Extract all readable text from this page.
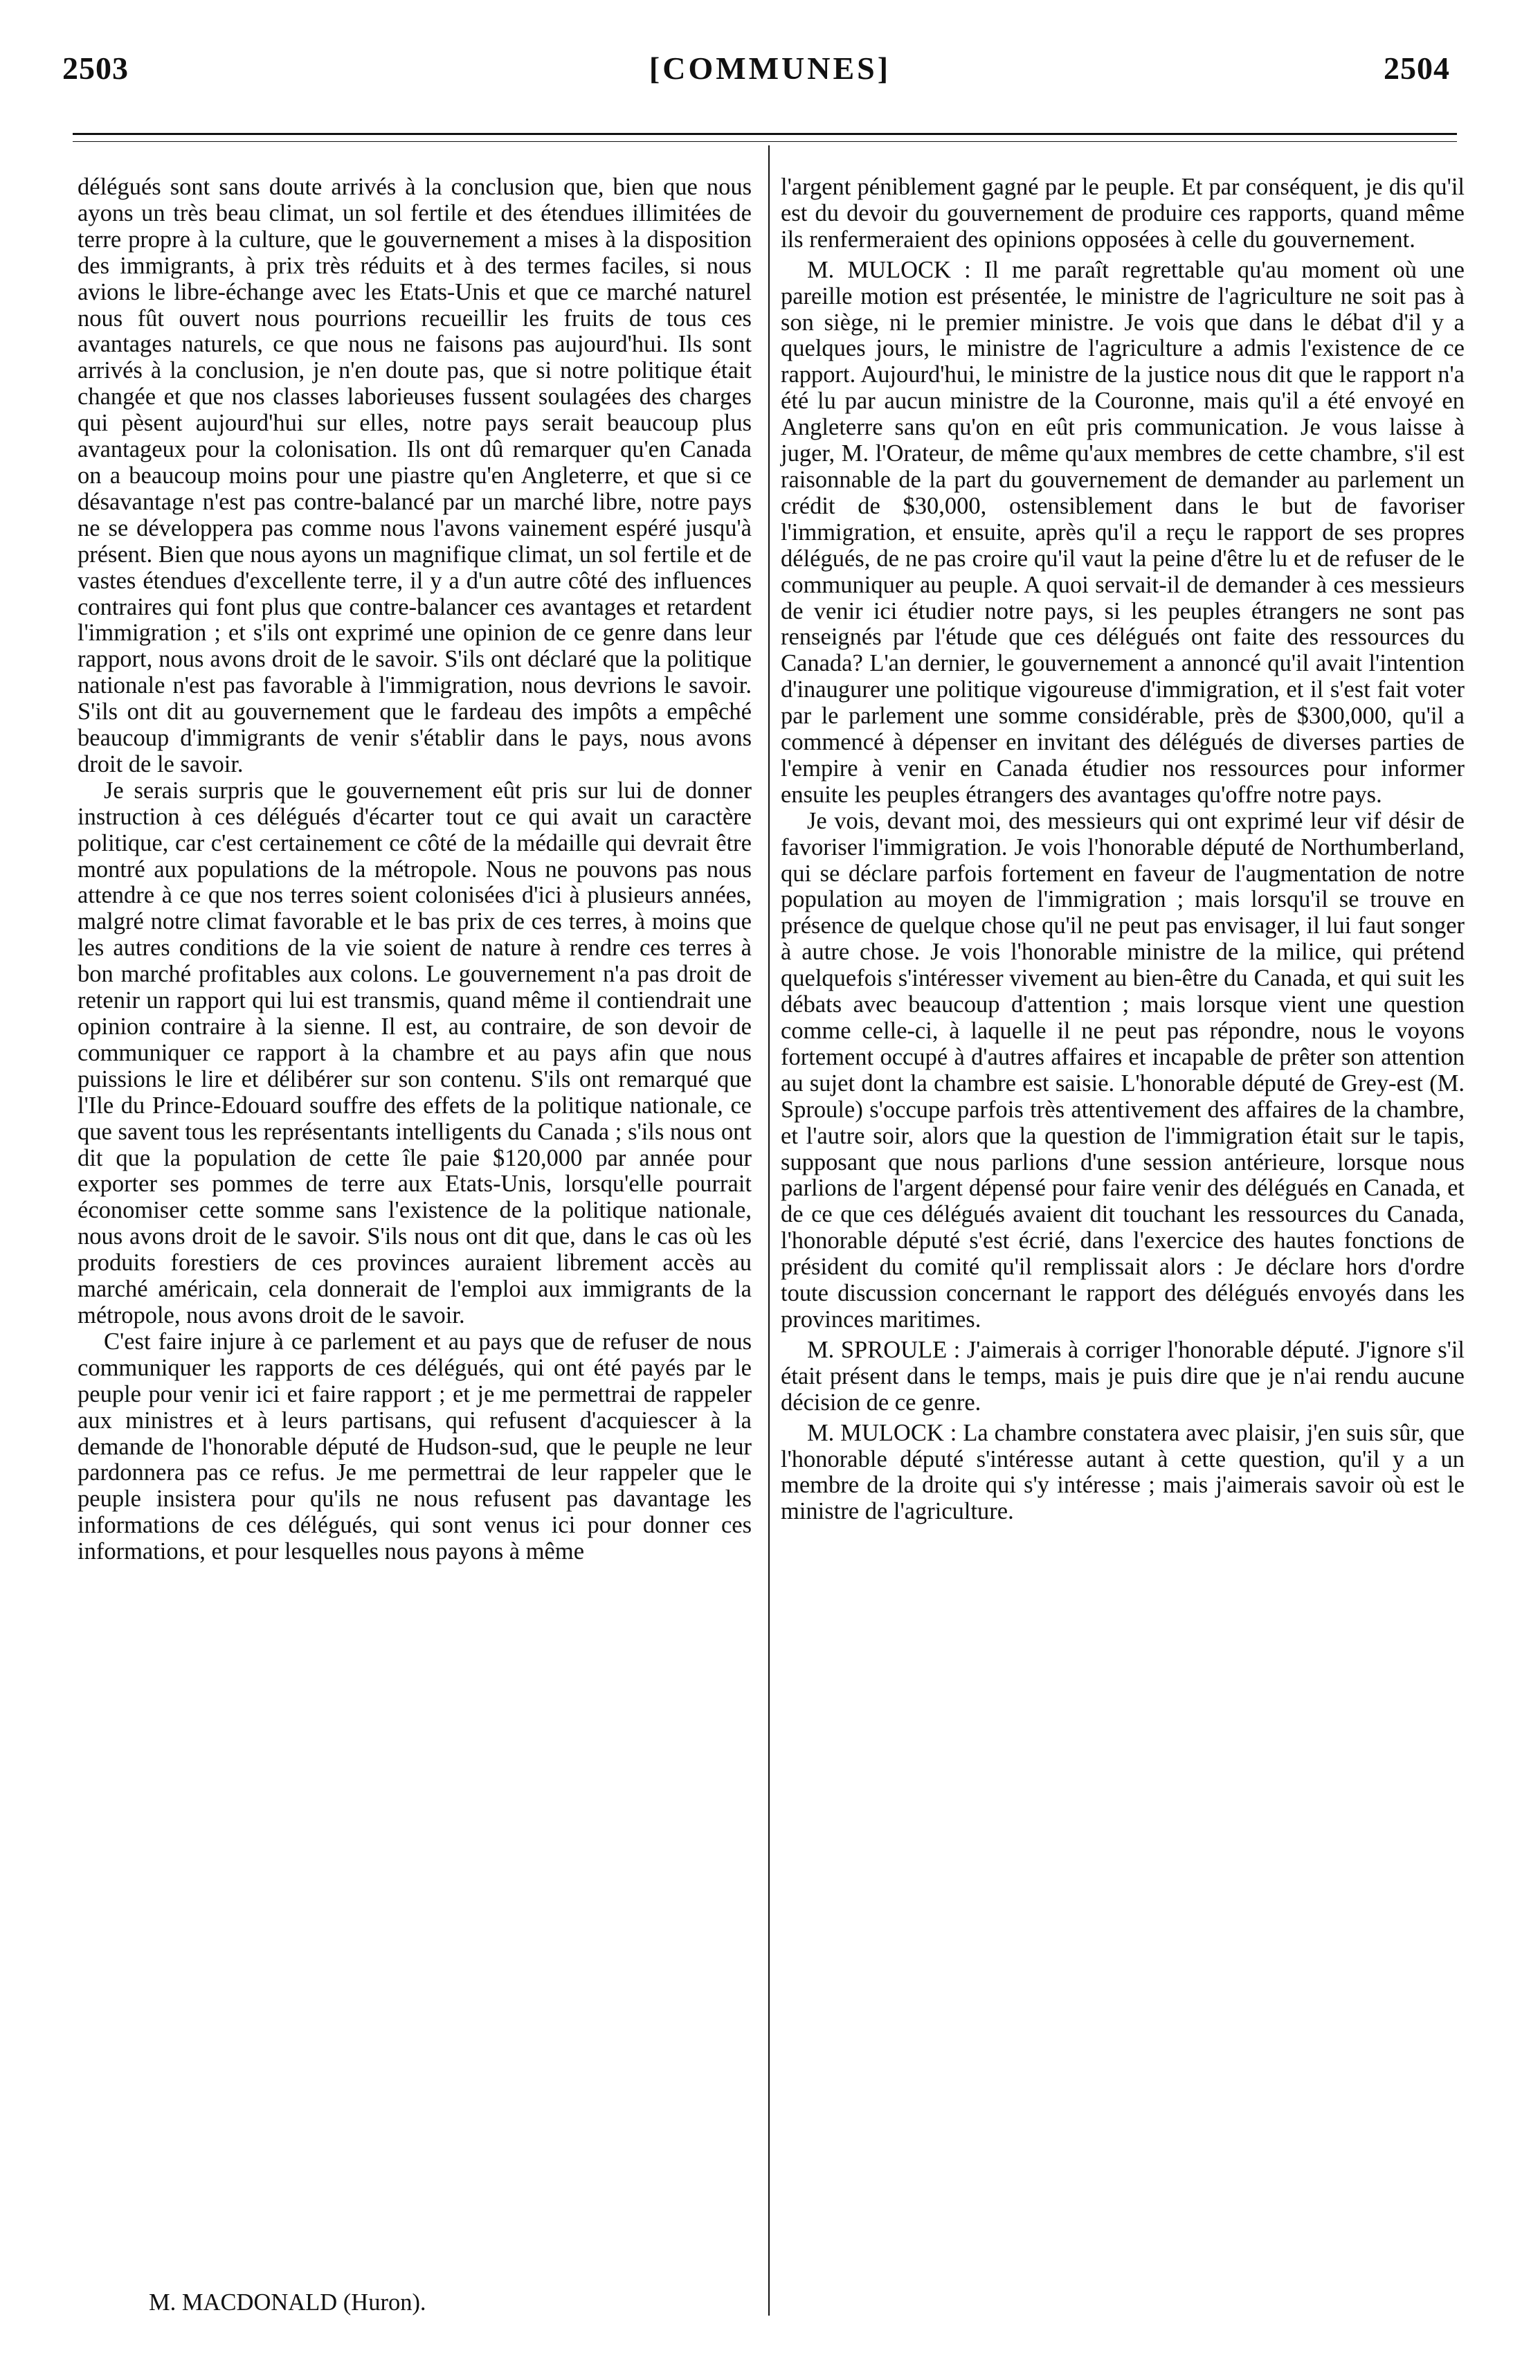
2503	[COMMUNES]	2504

délégués sont sans doute arrivés à la conclusion que, bien que nous ayons un très beau climat, un sol fertile et des étendues illimitées de terre propre à la culture, que le gouvernement a mises à la disposition des immigrants, à prix très réduits et à des termes faciles, si nous avions le libre-échange avec les Etats-Unis et que ce marché naturel nous fût ouvert nous pourrions recueillir les fruits de tous ces avantages naturels, ce que nous ne faisons pas aujourd'hui. Ils sont arrivés à la conclusion, je n'en doute pas, que si notre politique était changée et que nos classes laborieuses fussent soulagées des charges qui pèsent aujourd'hui sur elles, notre pays serait beaucoup plus avantageux pour la colonisation. Ils ont dû remarquer qu'en Canada on a beaucoup moins pour une piastre qu'en Angleterre, et que si ce désavantage n'est pas contre-balancé par un marché libre, notre pays ne se développera pas comme nous l'avons vainement espéré jusqu'à présent. Bien que nous ayons un magnifique climat, un sol fertile et de vastes étendues d'excellente terre, il y a d'un autre côté des influences contraires qui font plus que contre-balancer ces avantages et retardent l'immigration ; et s'ils ont exprimé une opinion de ce genre dans leur rapport, nous avons droit de le savoir. S'ils ont déclaré que la politique nationale n'est pas favorable à l'immigration, nous devrions le savoir. S'ils ont dit au gouvernement que le fardeau des impôts a empêché beaucoup d'immigrants de venir s'établir dans le pays, nous avons droit de le savoir.

Je serais surpris que le gouvernement eût pris sur lui de donner instruction à ces délégués d'écarter tout ce qui avait un caractère politique, car c'est certainement ce côté de la médaille qui devrait être montré aux populations de la métropole. Nous ne pouvons pas nous attendre à ce que nos terres soient colonisées d'ici à plusieurs années, malgré notre climat favorable et le bas prix de ces terres, à moins que les autres conditions de la vie soient de nature à rendre ces terres à bon marché profitables aux colons. Le gouvernement n'a pas droit de retenir un rapport qui lui est transmis, quand même il contiendrait une opinion contraire à la sienne. Il est, au contraire, de son devoir de communiquer ce rapport à la chambre et au pays afin que nous puissions le lire et délibérer sur son contenu. S'ils ont remarqué que l'Ile du Prince-Edouard souffre des effets de la politique nationale, ce que savent tous les représentants intelligents du Canada ; s'ils nous ont dit que la population de cette île paie $120,000 par année pour exporter ses pommes de terre aux Etats-Unis, lorsqu'elle pourrait économiser cette somme sans l'existence de la politique nationale, nous avons droit de le savoir. S'ils nous ont dit que, dans le cas où les produits forestiers de ces provinces auraient librement accès au marché américain, cela donnerait de l'emploi aux immigrants de la métropole, nous avons droit de le savoir.

C'est faire injure à ce parlement et au pays que de refuser de nous communiquer les rapports de ces délégués, qui ont été payés par le peuple pour venir ici et faire rapport ; et je me permettrai de rappeler aux ministres et à leurs partisans, qui refusent d'acquiescer à la demande de l'honorable député de Hudson-sud, que le peuple ne leur pardonnera pas ce refus. Je me permettrai de leur rappeler que le peuple insistera pour qu'ils ne nous refusent pas davantage les informations de ces délégués, qui sont venus ici pour donner ces informations, et pour lesquelles nous payons à même

M. MACDONALD (Huron).

l'argent péniblement gagné par le peuple. Et par conséquent, je dis qu'il est du devoir du gouvernement de produire ces rapports, quand même ils renfermeraient des opinions opposées à celle du gouvernement.

M. MULOCK : Il me paraît regrettable qu'au moment où une pareille motion est présentée, le ministre de l'agriculture ne soit pas à son siège, ni le premier ministre. Je vois que dans le débat d'il y a quelques jours, le ministre de l'agriculture a admis l'existence de ce rapport. Aujourd'hui, le ministre de la justice nous dit que le rapport n'a été lu par aucun ministre de la Couronne, mais qu'il a été envoyé en Angleterre sans qu'on en eût pris communication. Je vous laisse à juger, M. l'Orateur, de même qu'aux membres de cette chambre, s'il est raisonnable de la part du gouvernement de demander au parlement un crédit de $30,000, ostensiblement dans le but de favoriser l'immigration, et ensuite, après qu'il a reçu le rapport de ses propres délégués, de ne pas croire qu'il vaut la peine d'être lu et de refuser de le communiquer au peuple. A quoi servait-il de demander à ces messieurs de venir ici étudier notre pays, si les peuples étrangers ne sont pas renseignés par l'étude que ces délégués ont faite des ressources du Canada? L'an dernier, le gouvernement a annoncé qu'il avait l'intention d'inaugurer une politique vigoureuse d'immigration, et il s'est fait voter par le parlement une somme considérable, près de $300,000, qu'il a commencé à dépenser en invitant des délégués de diverses parties de l'empire à venir en Canada étudier nos ressources pour informer ensuite les peuples étrangers des avantages qu'offre notre pays.

Je vois, devant moi, des messieurs qui ont exprimé leur vif désir de favoriser l'immigration. Je vois l'honorable député de Northumberland, qui se déclare parfois fortement en faveur de l'augmentation de notre population au moyen de l'immigration ; mais lorsqu'il se trouve en présence de quelque chose qu'il ne peut pas envisager, il lui faut songer à autre chose. Je vois l'honorable ministre de la milice, qui prétend quelquefois s'intéresser vivement au bien-être du Canada, et qui suit les débats avec beaucoup d'attention ; mais lorsque vient une question comme celle-ci, à laquelle il ne peut pas répondre, nous le voyons fortement occupé à d'autres affaires et incapable de prêter son attention au sujet dont la chambre est saisie. L'honorable député de Grey-est (M. Sproule) s'occupe parfois très attentivement des affaires de la chambre, et l'autre soir, alors que la question de l'immigration était sur le tapis, supposant que nous parlions d'une session antérieure, lorsque nous parlions de l'argent dépensé pour faire venir des délégués en Canada, et de ce que ces délégués avaient dit touchant les ressources du Canada, l'honorable député s'est écrié, dans l'exercice des hautes fonctions de président du comité qu'il remplissait alors : Je déclare hors d'ordre toute discussion concernant le rapport des délégués envoyés dans les provinces maritimes.

M. SPROULE : J'aimerais à corriger l'honorable député. J'ignore s'il était présent dans le temps, mais je puis dire que je n'ai rendu aucune décision de ce genre.

M. MULOCK : La chambre constatera avec plaisir, j'en suis sûr, que l'honorable député s'intéresse autant à cette question, qu'il y a un membre de la droite qui s'y intéresse ; mais j'aimerais savoir où est le ministre de l'agriculture.
